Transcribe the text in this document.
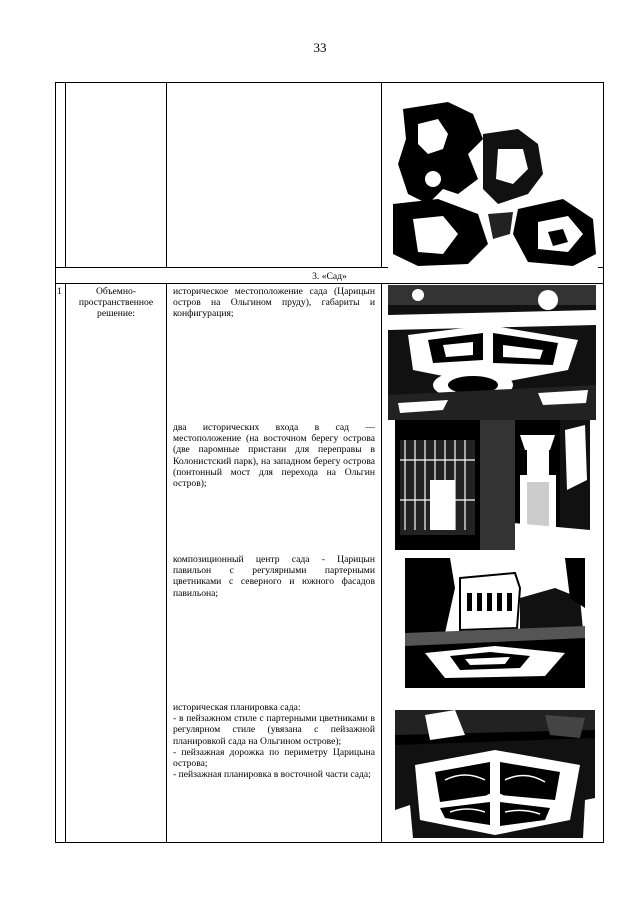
33
3. «Сад»
1	Объемно-пространственное решение:
историческое местоположение сада (Царицын остров на Ольгином пруду), габариты и конфигурация;
два исторических входа в сад — местоположение (на восточном берегу острова (две паромные пристани для переправы в Колонистский парк), на западном берегу острова (понтонный мост для перехода на Ольгин остров);
композиционный центр сада - Царицын павильон с регулярными партерными цветниками с северного и южного фасадов павильона;
историческая планировка сада:
- в пейзажном стиле с партерными цветниками в регулярном стиле (увязана с пейзажной планировкой сада на Ольгином острове);
- пейзажная дорожка по периметру Царицына острова;
- пейзажная планировка в восточной части сада;
